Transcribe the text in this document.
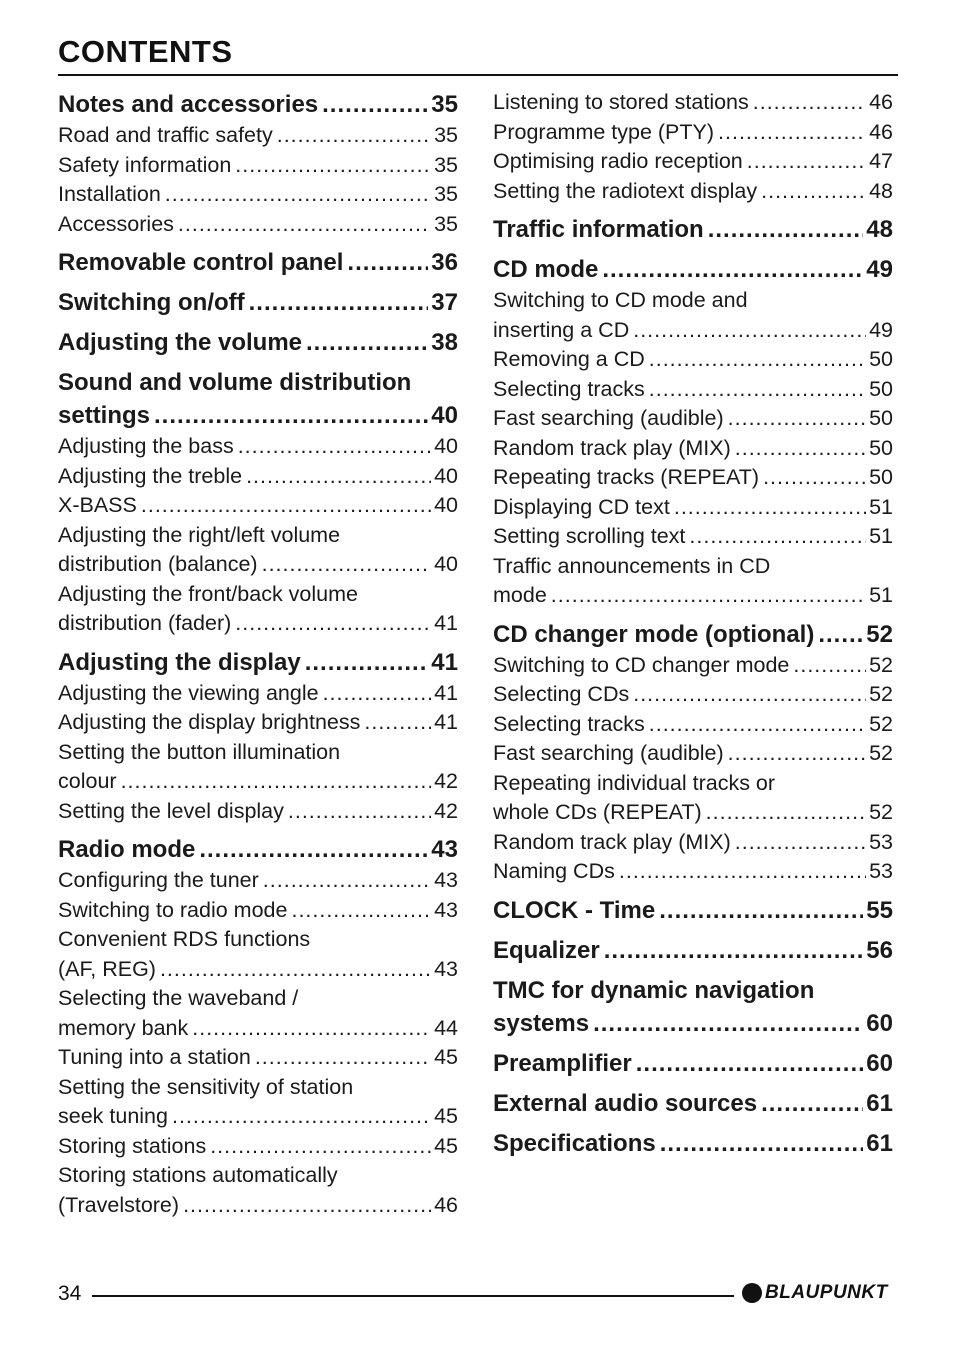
CONTENTS
Notes and accessories .....	35
Road and traffic safety .....	35
Safety information .....	35
Installation .....	35
Accessories .....	35
Removable control panel .....	36
Switching on/off .....	37
Adjusting the volume .....	38
Sound and volume distribution
settings .....	40
Adjusting the bass .....	40
Adjusting the treble .....	40
X-BASS .....	40
Adjusting the right/left volume
distribution (balance) .....	40
Adjusting the front/back volume
distribution (fader) .....	41
Adjusting the display .....	41
Adjusting the viewing angle .....	41
Adjusting the display brightness .....	41
Setting the button illumination
colour .....	42
Setting the level display .....	42
Radio mode .....	43
Configuring the tuner .....	43
Switching to radio mode .....	43
Convenient RDS functions
(AF, REG) .....	43
Selecting the waveband /
memory bank .....	44
Tuning into a station .....	45
Setting the sensitivity of station
seek tuning .....	45
Storing stations .....	45
Storing stations automatically
(Travelstore) .....	46
Listening to stored stations .....	46
Programme type (PTY) .....	46
Optimising radio reception .....	47
Setting the radiotext display .....	48
Traffic information .....	48
CD mode .....	49
Switching to CD mode and
inserting a CD .....	49
Removing a CD .....	50
Selecting tracks .....	50
Fast searching (audible) .....	50
Random track play (MIX) .....	50
Repeating tracks (REPEAT) .....	50
Displaying CD text .....	51
Setting scrolling text .....	51
Traffic announcements in CD
mode .....	51
CD changer mode (optional) ..... 52
Switching to CD changer mode .....	52
Selecting CDs .....	52
Selecting tracks .....	52
Fast searching (audible) .....	52
Repeating individual tracks or
whole CDs (REPEAT) .....	52
Random track play (MIX) .....	53
Naming CDs .....	53
CLOCK - Time .....	55
Equalizer .....	56
TMC for dynamic navigation
systems .....	60
Preamplifier .....	60
External audio sources .....	61
Specifications .....	61
34	BLAUPUNKT
